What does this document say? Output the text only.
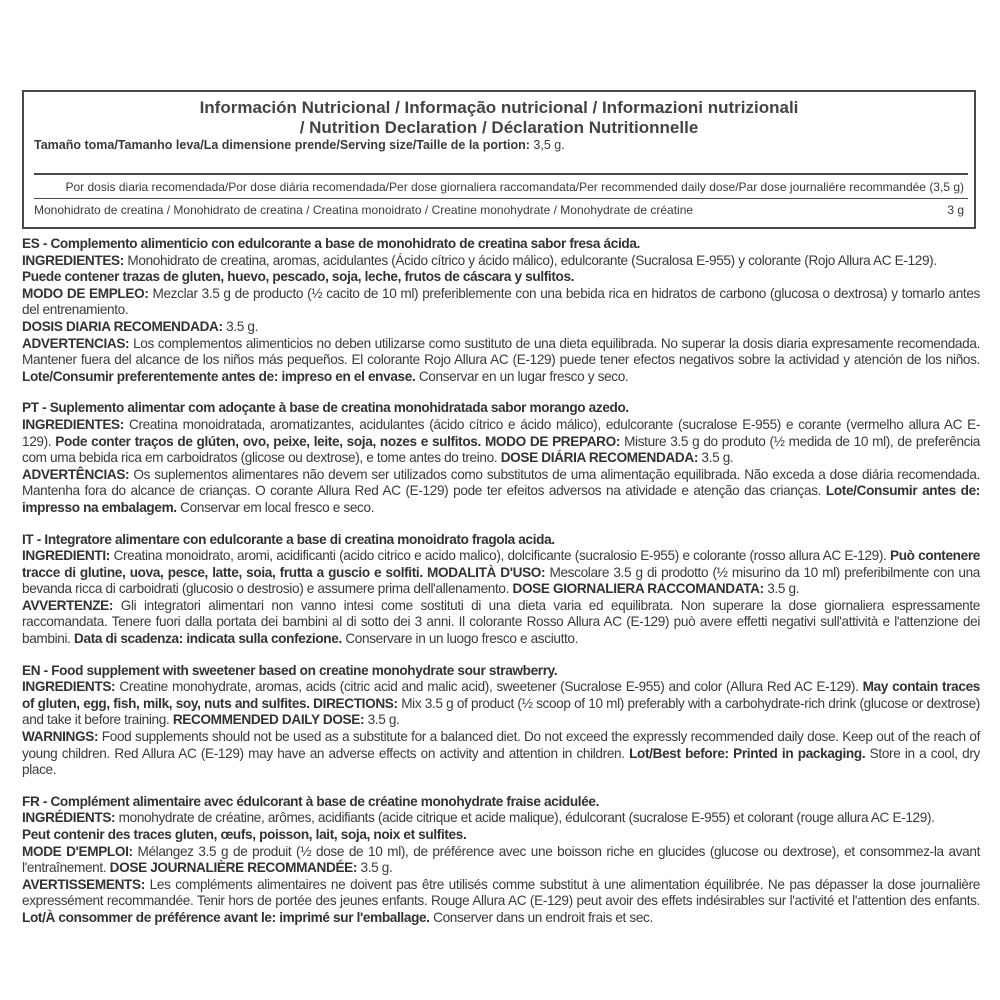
Información Nutricional / Informação nutricional / Informazioni nutrizionali
/ Nutrition Declaration / Déclaration Nutritionnelle
Tamaño toma/Tamanho leva/La dimensione prende/Serving size/Taille de la portion: 3,5 g.
Por dosis diaria recomendada/Por dose diária recomendada/Per dose giornaliera raccomandata/Per recommended daily dose/Par dose journaliére recommandée (3,5 g)
Monohidrato de creatina / Monohidrato de creatina / Creatina monoidrato / Creatine monohydrate / Monohydrate de créatine	3 g
ES - Complemento alimenticio con edulcorante a base de monohidrato de creatina sabor fresa ácida.
INGREDIENTES: Monohidrato de creatina, aromas, acidulantes (Ácido cítrico y ácido málico), edulcorante (Sucralosa E-955) y colorante (Rojo Allura AC E-129).
Puede contener trazas de gluten, huevo, pescado, soja, leche, frutos de cáscara y sulfitos.
MODO DE EMPLEO: Mezclar 3.5 g de producto (½ cacito de 10 ml) preferiblemente con una bebida rica en hidratos de carbono (glucosa o dextrosa) y tomarlo antes del entrenamiento.
DOSIS DIARIA RECOMENDADA: 3.5 g.
ADVERTENCIAS: Los complementos alimenticios no deben utilizarse como sustituto de una dieta equilibrada. No superar la dosis diaria expresamente recomendada. Mantener fuera del alcance de los niños más pequeños. El colorante Rojo Allura AC (E-129) puede tener efectos negativos sobre la actividad y atención de los niños. Lote/Consumir preferentemente antes de: impreso en el envase. Conservar en un lugar fresco y seco.
PT - Suplemento alimentar com adoçante à base de creatina monohidratada sabor morango azedo.
INGREDIENTES: Creatina monoidratada, aromatizantes, acidulantes (ácido cítrico e ácido málico), edulcorante (sucralose E-955) e corante (vermelho allura AC E-129). Pode conter traços de glúten, ovo, peixe, leite, soja, nozes e sulfitos. MODO DE PREPARO: Misture 3.5 g do produto (½ medida de 10 ml), de preferência com uma bebida rica em carboidratos (glicose ou dextrose), e tome antes do treino. DOSE DIÁRIA RECOMENDADA: 3.5 g.
ADVERTÊNCIAS: Os suplementos alimentares não devem ser utilizados como substitutos de uma alimentação equilibrada. Não exceda a dose diária recomendada. Mantenha fora do alcance de crianças. O corante Allura Red AC (E-129) pode ter efeitos adversos na atividade e atenção das crianças. Lote/Consumir antes de: impresso na embalagem. Conservar em local fresco e seco.
IT - Integratore alimentare con edulcorante a base di creatina monoidrato fragola acida.
INGREDIENTI: Creatina monoidrato, aromi, acidificanti (acido citrico e acido malico), dolcificante (sucralosio E-955) e colorante (rosso allura AC E-129). Può contenere tracce di glutine, uova, pesce, latte, soia, frutta a guscio e solfiti. MODALITÀ D'USO: Mescolare 3.5 g di prodotto (½ misurino da 10 ml) preferibilmente con una bevanda ricca di carboidrati (glucosio o destrosio) e assumere prima dell'allenamento. DOSE GIORNALIERA RACCOMANDATA: 3.5 g.
AVVERTENZE: Gli integratori alimentari non vanno intesi come sostituti di una dieta varia ed equilibrata. Non superare la dose giornaliera espressamente raccomandata. Tenere fuori dalla portata dei bambini al di sotto dei 3 anni. Il colorante Rosso Allura AC (E-129) può avere effetti negativi sull'attività e l'attenzione dei bambini. Data di scadenza: indicata sulla confezione. Conservare in un luogo fresco e asciutto.
EN - Food supplement with sweetener based on creatine monohydrate sour strawberry.
INGREDIENTS: Creatine monohydrate, aromas, acids (citric acid and malic acid), sweetener (Sucralose E-955) and color (Allura Red AC E-129). May contain traces of gluten, egg, fish, milk, soy, nuts and sulfites. DIRECTIONS: Mix 3.5 g of product (½ scoop of 10 ml) preferably with a carbohydrate-rich drink (glucose or dextrose) and take it before training. RECOMMENDED DAILY DOSE: 3.5 g.
WARNINGS: Food supplements should not be used as a substitute for a balanced diet. Do not exceed the expressly recommended daily dose. Keep out of the reach of young children. Red Allura AC (E-129) may have an adverse effects on activity and attention in children. Lot/Best before: Printed in packaging. Store in a cool, dry place.
FR - Complément alimentaire avec édulcorant à base de créatine monohydrate fraise acidulée.
INGRÉDIENTS: monohydrate de créatine, arômes, acidifiants (acide citrique et acide malique), édulcorant (sucralose E-955) et colorant (rouge allura AC E-129).
Peut contenir des traces gluten, œufs, poisson, lait, soja, noix et sulfites.
MODE D'EMPLOI: Mélangez 3.5 g de produit (½ dose de 10 ml), de préférence avec une boisson riche en glucides (glucose ou dextrose), et consommez-la avant l'entraînement. DOSE JOURNALIÈRE RECOMMANDÉE: 3.5 g.
AVERTISSEMENTS: Les compléments alimentaires ne doivent pas être utilisés comme substitut à une alimentation équilibrée. Ne pas dépasser la dose journalière expressément recommandée. Tenir hors de portée des jeunes enfants. Rouge Allura AC (E-129) peut avoir des effets indésirables sur l'activité et l'attention des enfants. Lot/À consommer de préférence avant le: imprimé sur l'emballage. Conserver dans un endroit frais et sec.
